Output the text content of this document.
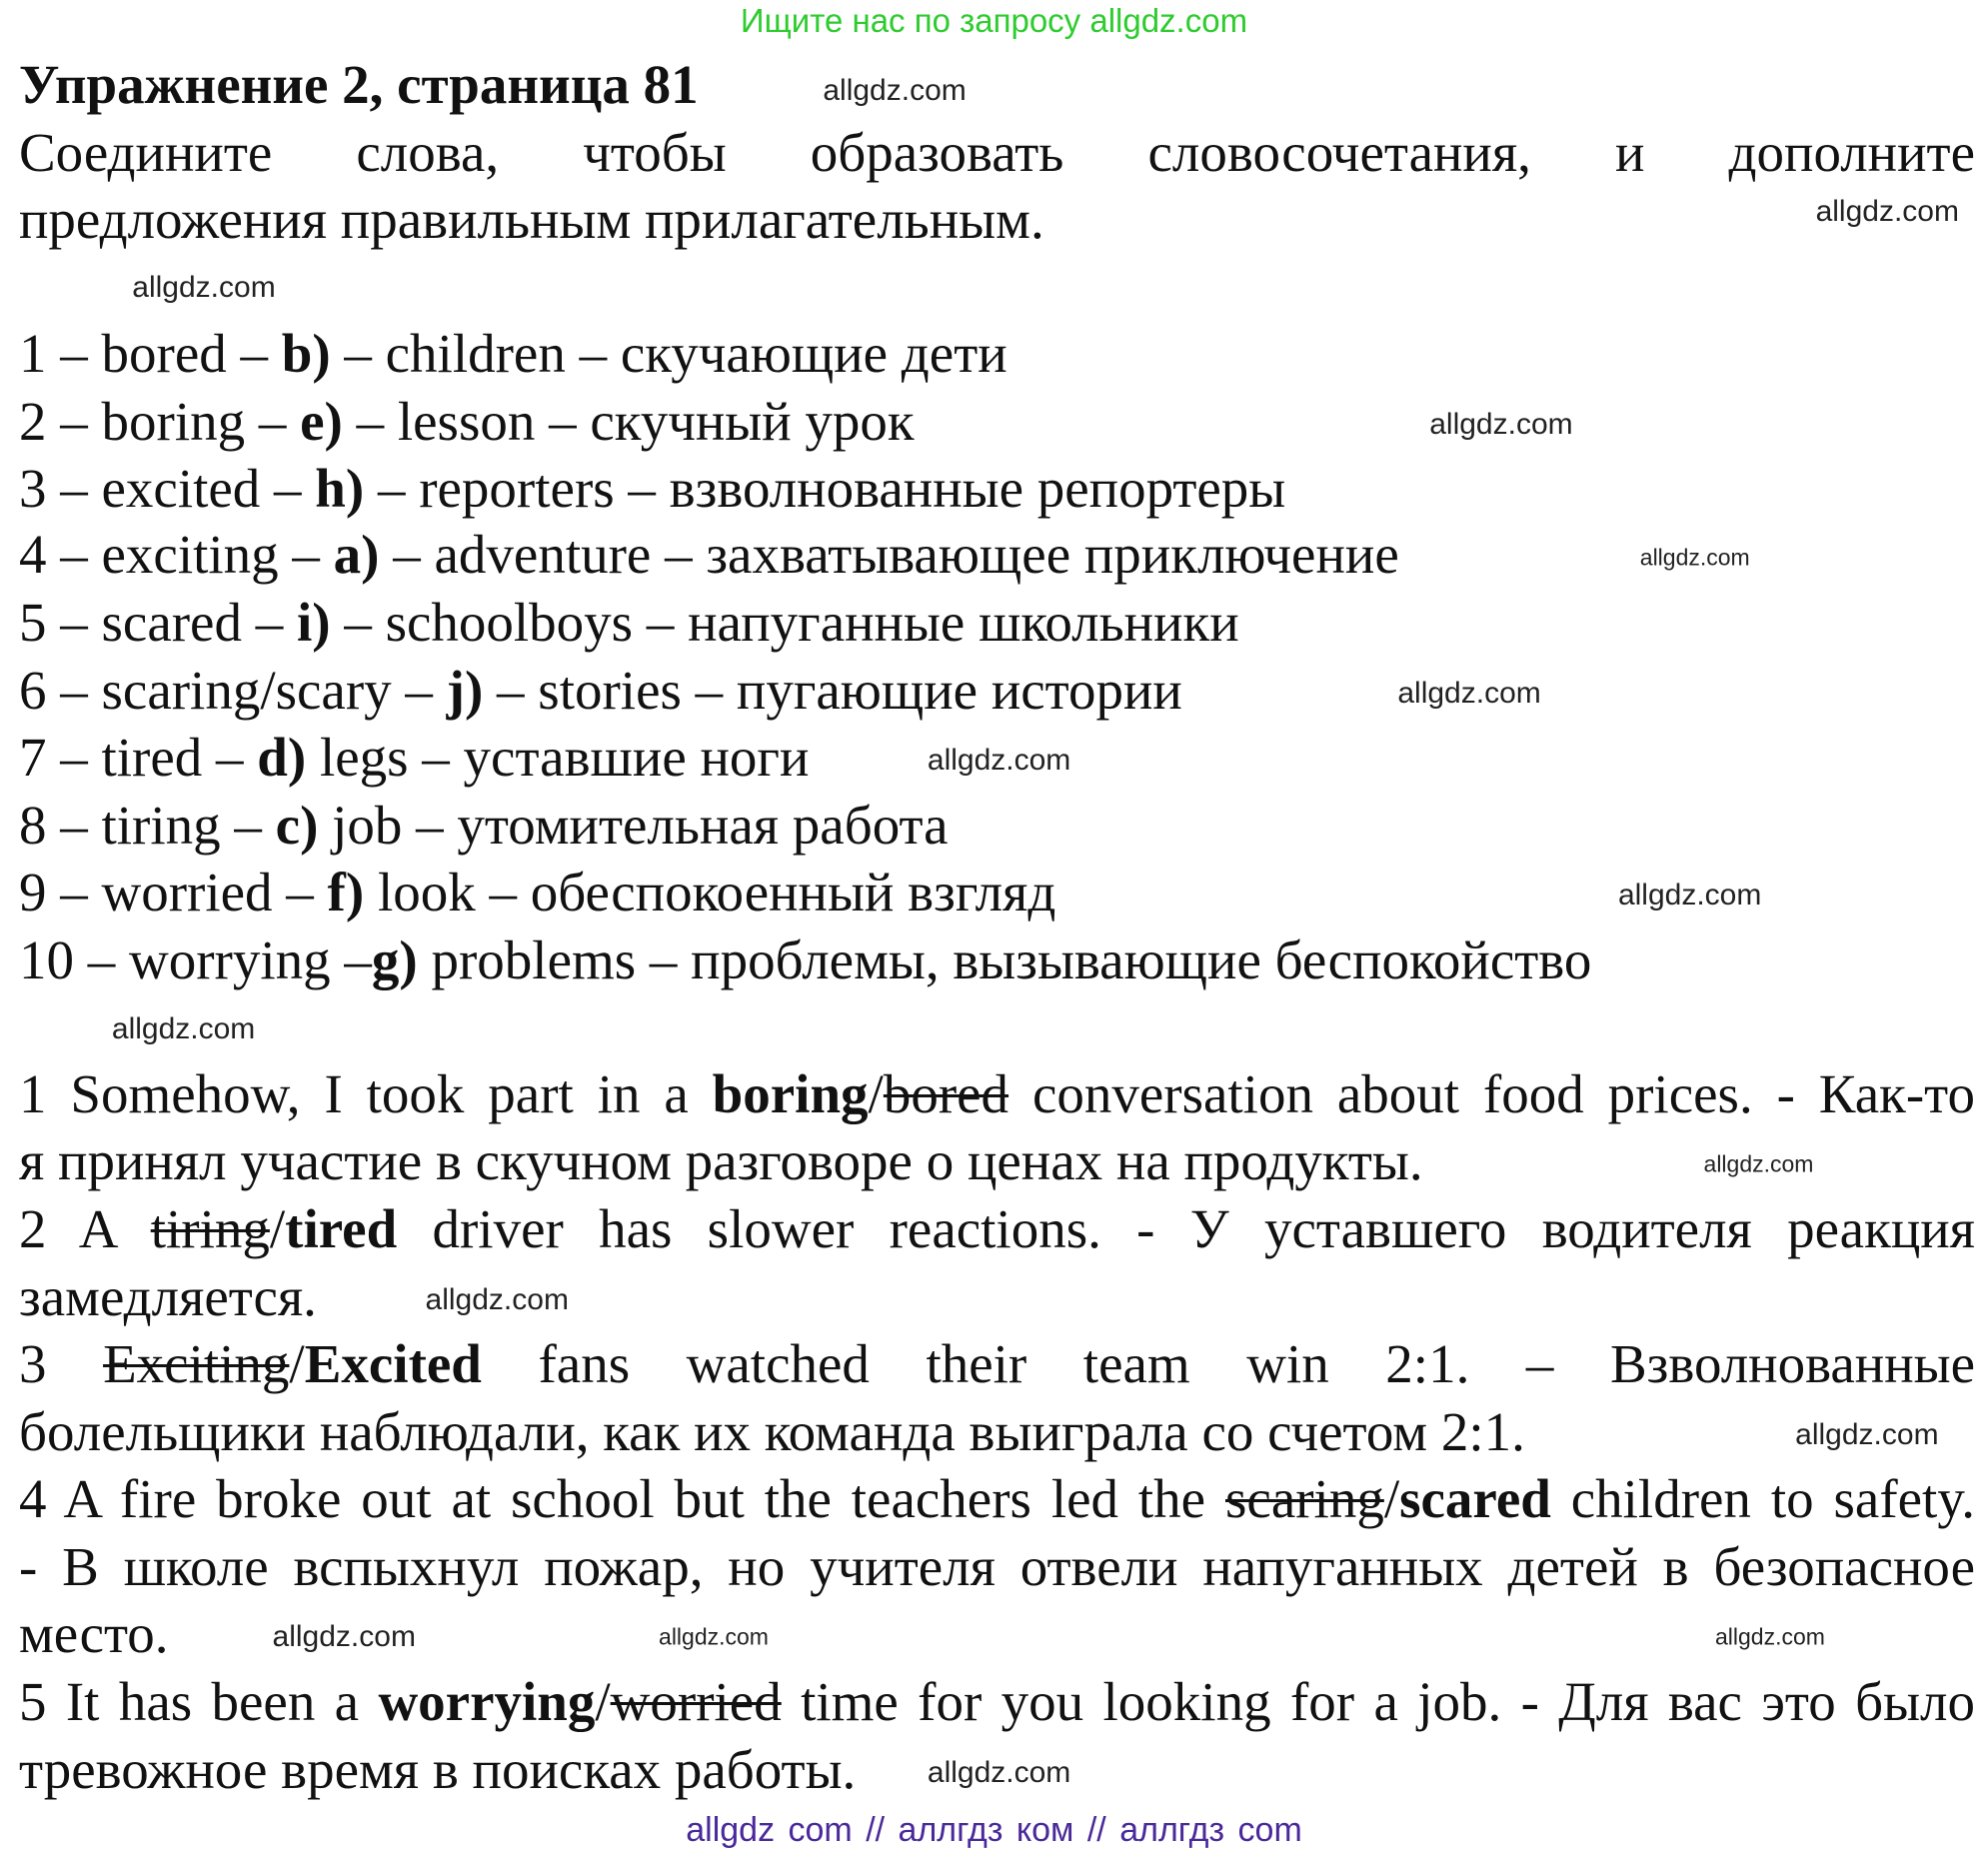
Ищите нас по запросу allgdz.com
Упражнение 2, страница 81
Соедините слова, чтобы образовать словосочетания, и дополните
предложения правильным прилагательным.
1 – bored – b) – children – скучающие дети
2 – boring – e) – lesson – скучный урок
3 – excited – h) – reporters – взволнованные репортеры
4 – exciting – a) – adventure – захватывающее приключение
5 – scared – i) – schoolboys – напуганные школьники
6 – scaring/scary – j) – stories – пугающие истории
7 – tired – d) legs – уставшие ноги
8 – tiring – c) job – утомительная работа
9 – worried – f) look – обеспокоенный взгляд
10 – worrying –g) problems – проблемы, вызывающие беспокойство
1 Somehow, I took part in a boring/bored conversation about food prices. - Как-то
я принял участие в скучном разговоре о ценах на продукты.
2 A tiring/tired driver has slower reactions. - У уставшего водителя реакция
замедляется.
3 Exciting/Excited fans watched their team win 2:1. – Взволнованные
болельщики наблюдали, как их команда выиграла со счетом 2:1.
4 A fire broke out at school but the teachers led the scaring/scared children to safety.
- В школе вспыхнул пожар, но учителя отвели напуганных детей в безопасное
место.
5 It has been a worrying/worried time for you looking for a job. - Для вас это было
тревожное время в поисках работы.
allgdz.com
allgdz.com
allgdz.com
allgdz.com
allgdz.com
allgdz.com
allgdz.com
allgdz.com
allgdz.com
allgdz.com
allgdz.com
allgdz.com
allgdz.com
allgdz.com	allgdz.com
allgdz.com
allgdz com // аллгдз ком // аллгдз com
